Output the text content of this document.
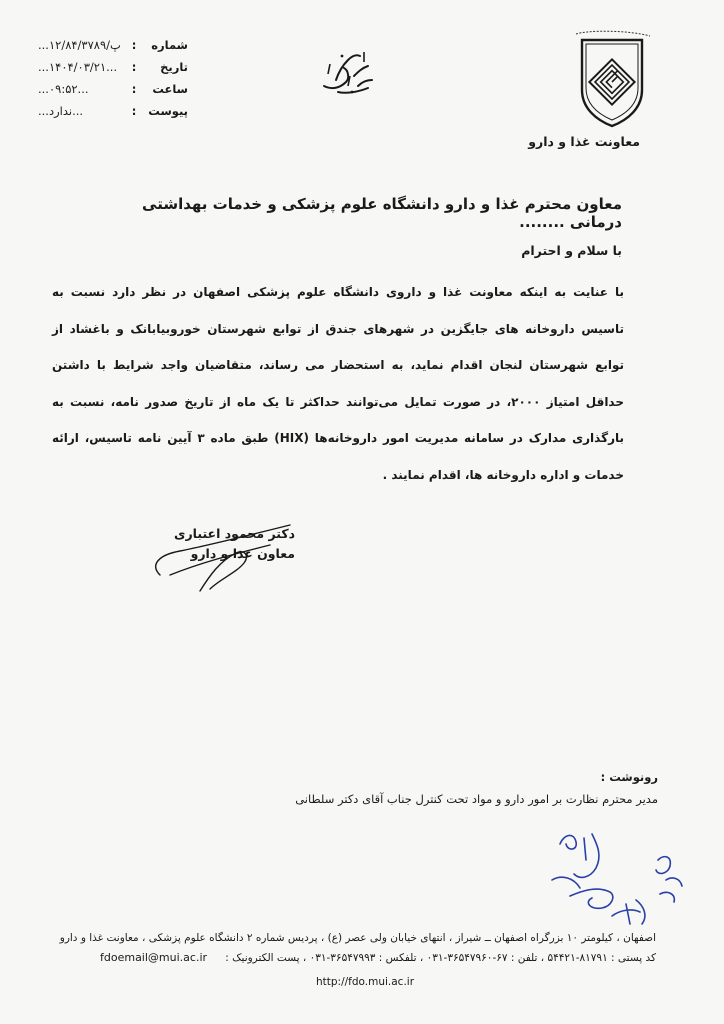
شماره
:
...۱۲/۸۴/۳۷۸۹/پ
تاریخ
:
...۱۴۰۴/۰۳/۲۱...
ساعت
:
...۰۹:۵۲...
پیوست
:
...ندارد...
معاونت غذا و دارو
معاون محترم غذا و دارو دانشگاه علوم پزشکی و خدمات بهداشتی درمانی ........
با سلام و احترام
با عنایت به اینکه معاونت غذا و داروی دانشگاه علوم پزشکی اصفهان در نظر دارد نسبت به تاسیس داروخانه های جایگزین در شهرهای جندق از توابع شهرستان خوروبیابانک و باغشاد از توابع شهرستان لنجان اقدام نماید، به استحضار می رساند، متقاضیان واجد شرایط با داشتن حداقل امتیاز ۲۰۰۰، در صورت تمایل می‌توانند حداکثر تا یک ماه از تاریخ صدور نامه، نسبت به بارگذاری مدارک در سامانه مدیریت امور داروخانه‌ها (HIX) طبق ماده ۳ آیین نامه تاسیس، ارائه خدمات و اداره داروخانه ها، اقدام نمایند .
دکتر محمود اعتباری
معاون غذا و دارو
رونوشت :
مدیر محترم نظارت بر امور دارو و مواد تحت کنترل جناب آقای دکتر سلطانی
اصفهان ، کیلومتر ۱۰ بزرگراه اصفهان ــ شیراز ، انتهای خیابان ولی عصر (ع) ، پردیس شماره ۲ دانشگاه علوم پزشکی ، معاونت غذا و دارو
کد پستی : ۸۱۷۹۱-۵۴۴۲۱ ، تلفن : ۶۷-۳۶۵۴۷۹۶۰-۰۳۱ ، تلفکس : ۳۶۵۴۷۹۹۳-۰۳۱ ، پست الکترونیک :
fdoemail@mui.ac.ir
http://fdo.mui.ac.ir
